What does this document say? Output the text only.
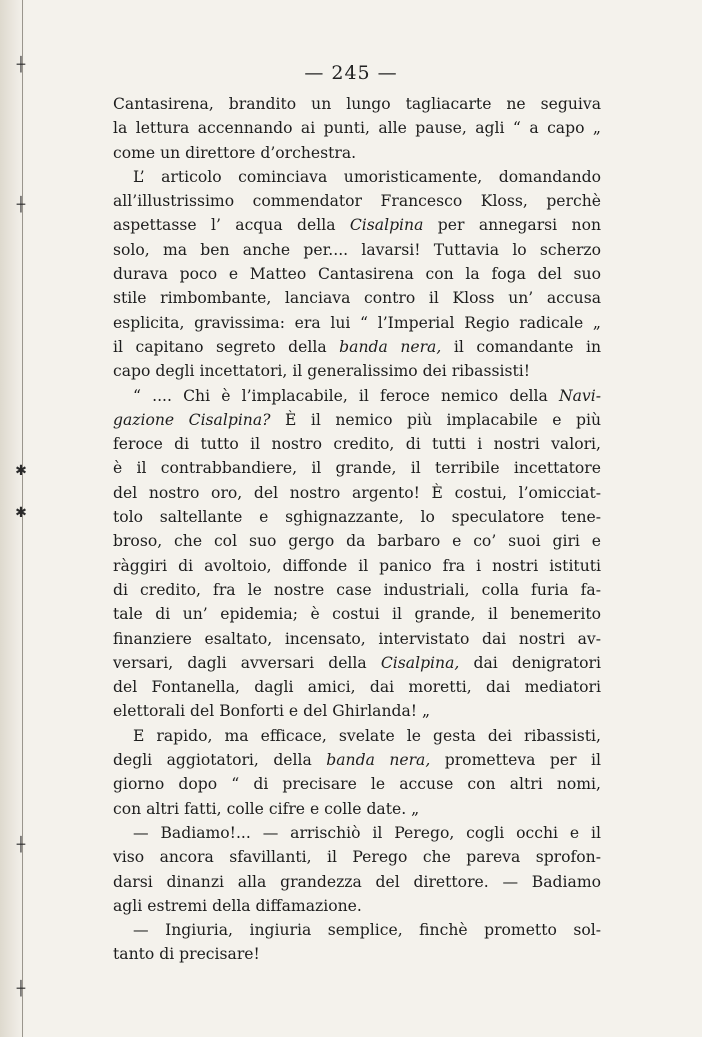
┼
┼
✱
✱
┼
┼
— 245 —
Cantasirena, brandito un lungo tagliacarte ne seguiva
la lettura accennando ai punti, alle pause, agli “ a capo „
come un direttore d’orchestra.
L’ articolo cominciava umoristicamente, domandando
all’illustrissimo commendator Francesco Kloss, perchè
aspettasse l’ acqua della Cisalpina per annegarsi non
solo, ma ben anche per.... lavarsi! Tuttavia lo scherzo
durava poco e Matteo Cantasirena con la foga del suo
stile rimbombante, lanciava contro il Kloss un’ accusa
esplicita, gravissima: era lui “ l’Imperial Regio radicale „
il capitano segreto della banda nera, il comandante in
capo degli incettatori, il generalissimo dei ribassisti!
“ .... Chi è l’implacabile, il feroce nemico della Navi-
gazione Cisalpina? È il nemico più implacabile e più
feroce di tutto il nostro credito, di tutti i nostri valori,
è il contrabbandiere, il grande, il terribile incettatore
del nostro oro, del nostro argento! È costui, l’omicciat-
tolo saltellante e sghignazzante, lo speculatore tene-
broso, che col suo gergo da barbaro e co’ suoi giri e
ràggiri di avoltoio, diffonde il panico fra i nostri istituti
di credito, fra le nostre case industriali, colla furia fa-
tale di un’ epidemia; è costui il grande, il benemerito
finanziere esaltato, incensato, intervistato dai nostri av-
versari, dagli avversari della Cisalpina, dai denigratori
del Fontanella, dagli amici, dai moretti, dai mediatori
elettorali del Bonforti e del Ghirlanda! „
E rapido, ma efficace, svelate le gesta dei ribassisti,
degli aggiotatori, della banda nera, prometteva per il
giorno dopo “ di precisare le accuse con altri nomi,
con altri fatti, colle cifre e colle date. „
— Badiamo!... — arrischiò il Perego, cogli occhi e il
viso ancora sfavillanti, il Perego che pareva sprofon-
darsi dinanzi alla grandezza del direttore. — Badiamo
agli estremi della diffamazione.
— Ingiuria, ingiuria semplice, finchè prometto sol-
tanto di precisare!
